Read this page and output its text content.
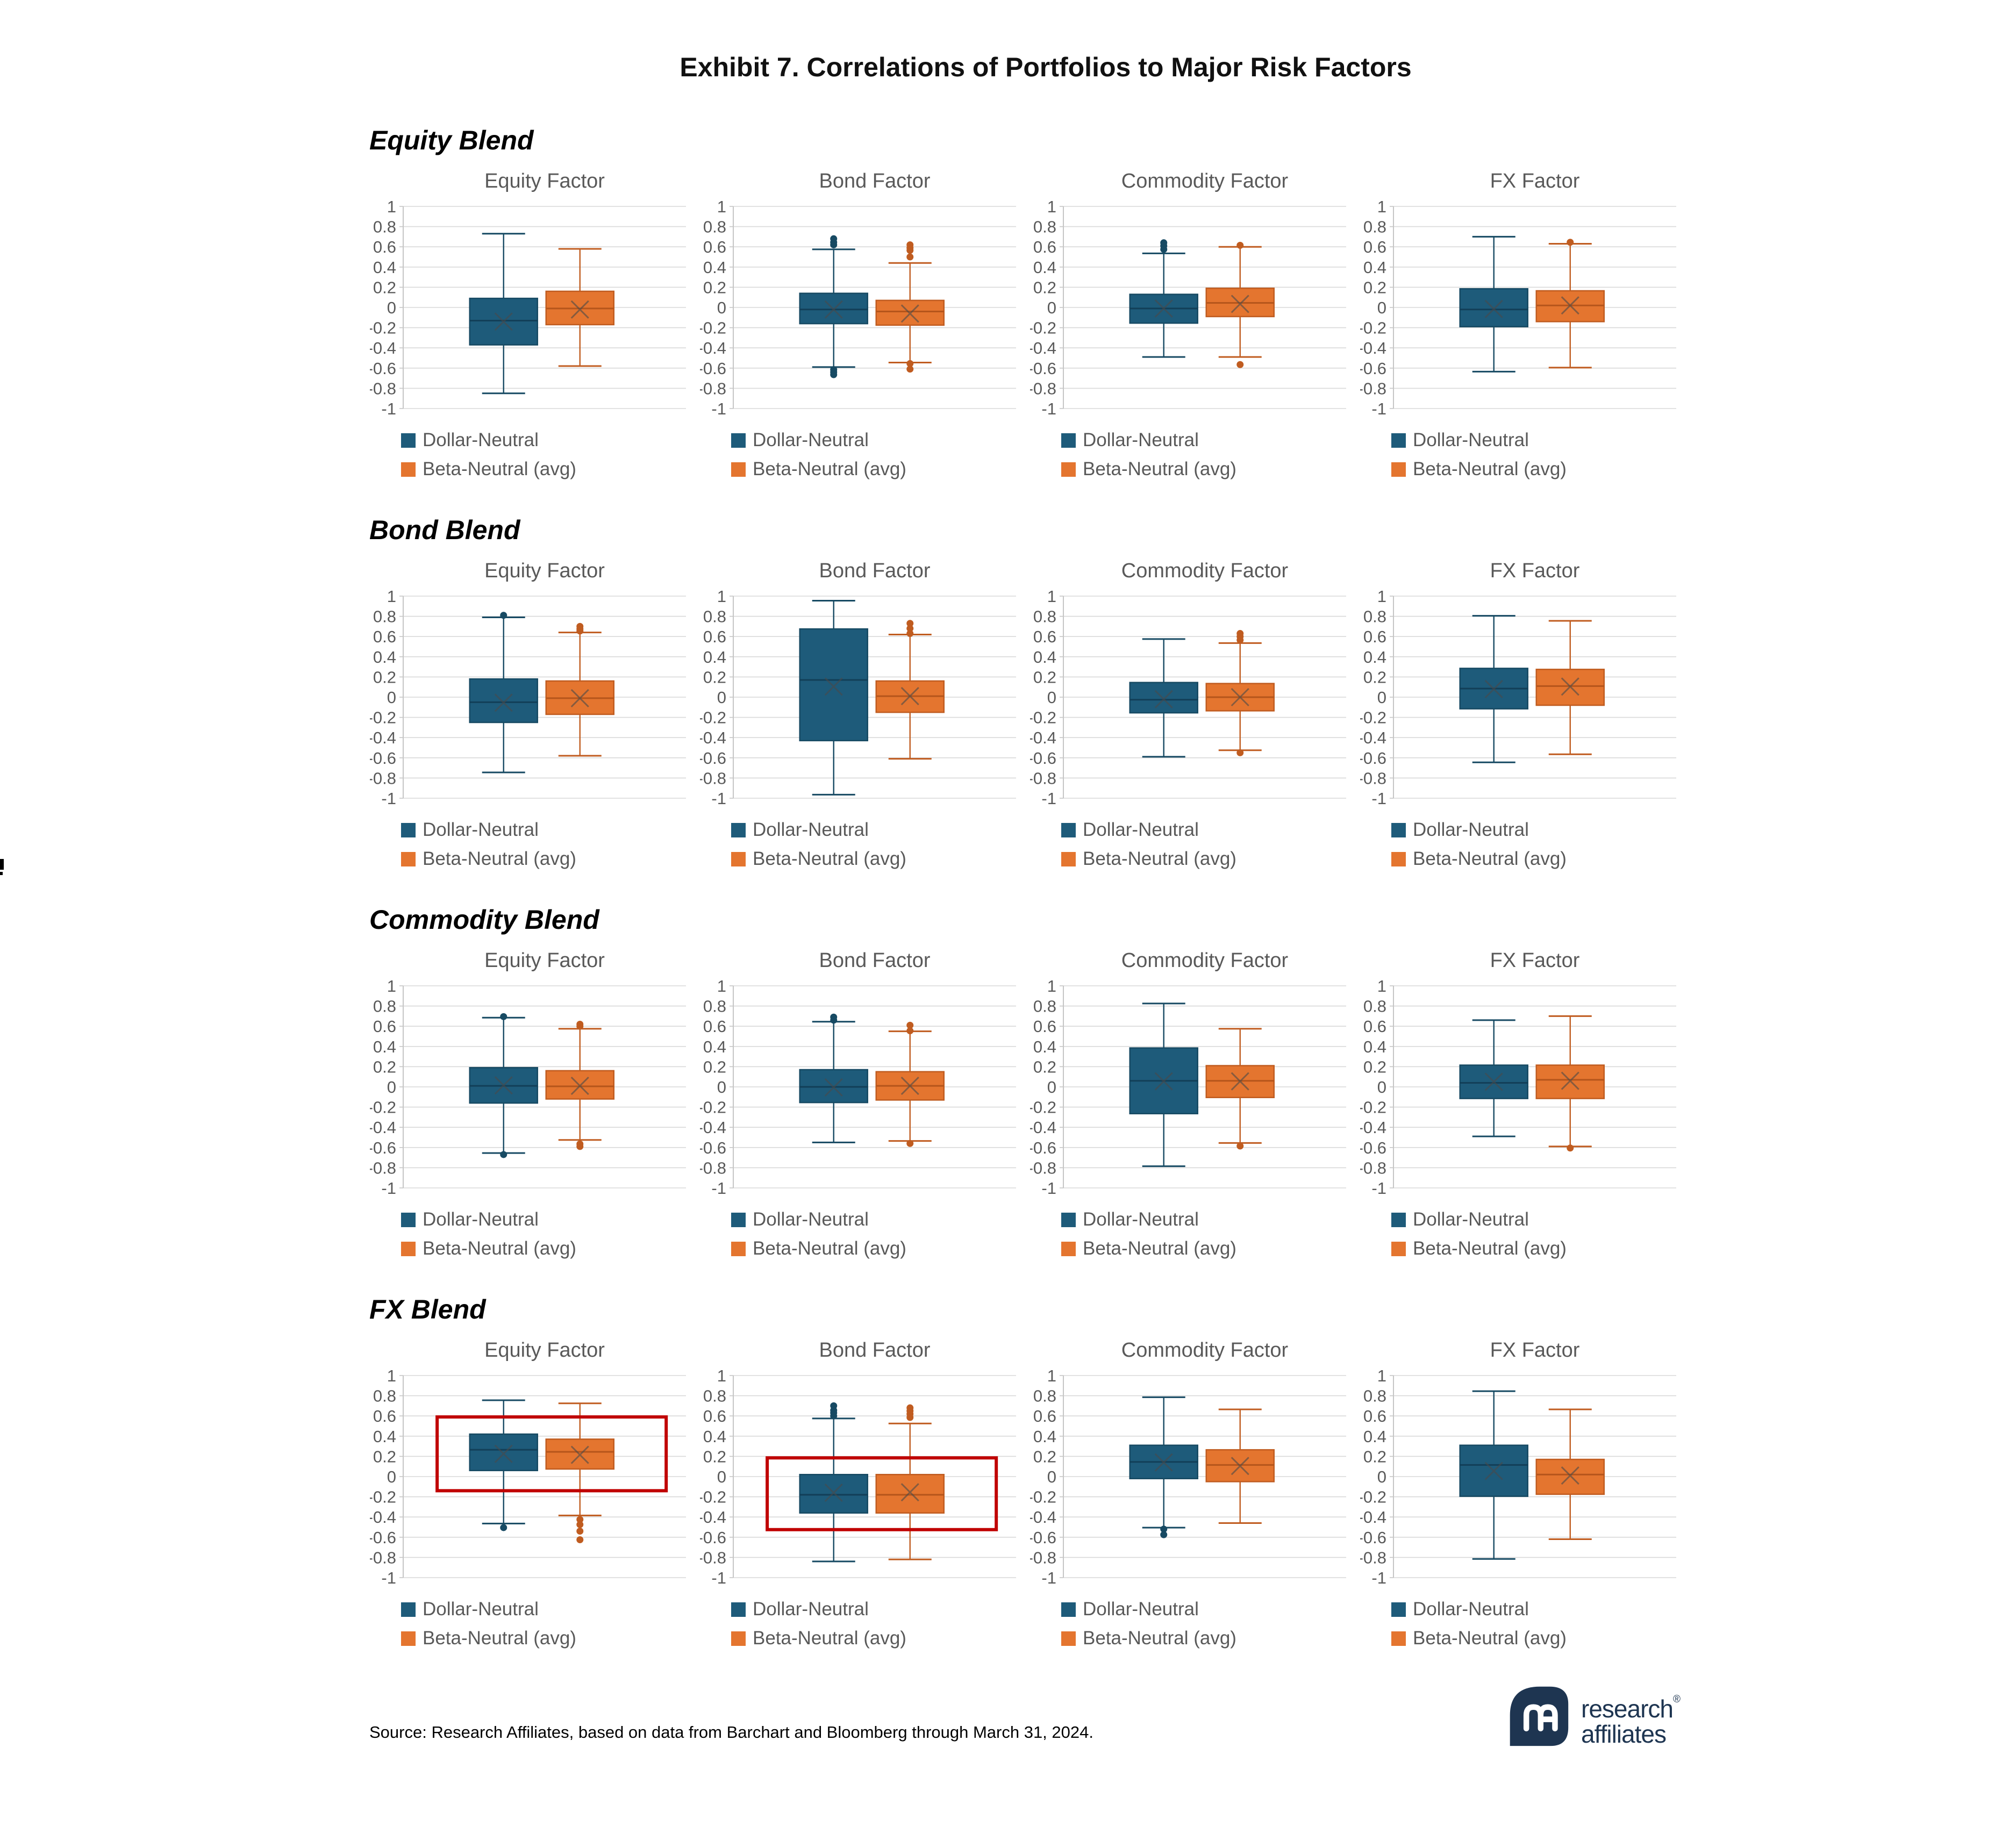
Exhibit 7. Correlations of Portfolios to Major Risk Factors
Equity Blend
Equity Factor
1
0.8
0.6
0.4
0.2
0
-0.2
-0.4
-0.6
-0.8
-1
Dollar-Neutral
Beta-Neutral (avg)
Bond Factor
1
0.8
0.6
0.4
0.2
0
-0.2
-0.4
-0.6
-0.8
-1
Dollar-Neutral
Beta-Neutral (avg)
Commodity Factor
1
0.8
0.6
0.4
0.2
0
-0.2
-0.4
-0.6
-0.8
-1
Dollar-Neutral
Beta-Neutral (avg)
FX Factor
1
0.8
0.6
0.4
0.2
0
-0.2
-0.4
-0.6
-0.8
-1
Dollar-Neutral
Beta-Neutral (avg)
Bond Blend
Equity Factor
1
0.8
0.6
0.4
0.2
0
-0.2
-0.4
-0.6
-0.8
-1
Dollar-Neutral
Beta-Neutral (avg)
Bond Factor
1
0.8
0.6
0.4
0.2
0
-0.2
-0.4
-0.6
-0.8
-1
Dollar-Neutral
Beta-Neutral (avg)
Commodity Factor
1
0.8
0.6
0.4
0.2
0
-0.2
-0.4
-0.6
-0.8
-1
Dollar-Neutral
Beta-Neutral (avg)
FX Factor
1
0.8
0.6
0.4
0.2
0
-0.2
-0.4
-0.6
-0.8
-1
Dollar-Neutral
Beta-Neutral (avg)
Commodity Blend
Equity Factor
1
0.8
0.6
0.4
0.2
0
-0.2
-0.4
-0.6
-0.8
-1
Dollar-Neutral
Beta-Neutral (avg)
Bond Factor
1
0.8
0.6
0.4
0.2
0
-0.2
-0.4
-0.6
-0.8
-1
Dollar-Neutral
Beta-Neutral (avg)
Commodity Factor
1
0.8
0.6
0.4
0.2
0
-0.2
-0.4
-0.6
-0.8
-1
Dollar-Neutral
Beta-Neutral (avg)
FX Factor
1
0.8
0.6
0.4
0.2
0
-0.2
-0.4
-0.6
-0.8
-1
Dollar-Neutral
Beta-Neutral (avg)
FX Blend
Equity Factor
1
0.8
0.6
0.4
0.2
0
-0.2
-0.4
-0.6
-0.8
-1
Dollar-Neutral
Beta-Neutral (avg)
Bond Factor
1
0.8
0.6
0.4
0.2
0
-0.2
-0.4
-0.6
-0.8
-1
Dollar-Neutral
Beta-Neutral (avg)
Commodity Factor
1
0.8
0.6
0.4
0.2
0
-0.2
-0.4
-0.6
-0.8
-1
Dollar-Neutral
Beta-Neutral (avg)
FX Factor
1
0.8
0.6
0.4
0.2
0
-0.2
-0.4
-0.6
-0.8
-1
Dollar-Neutral
Beta-Neutral (avg)
Source: Research Affiliates, based on data from Barchart and Bloomberg through March 31, 2024.
research®
affiliates
